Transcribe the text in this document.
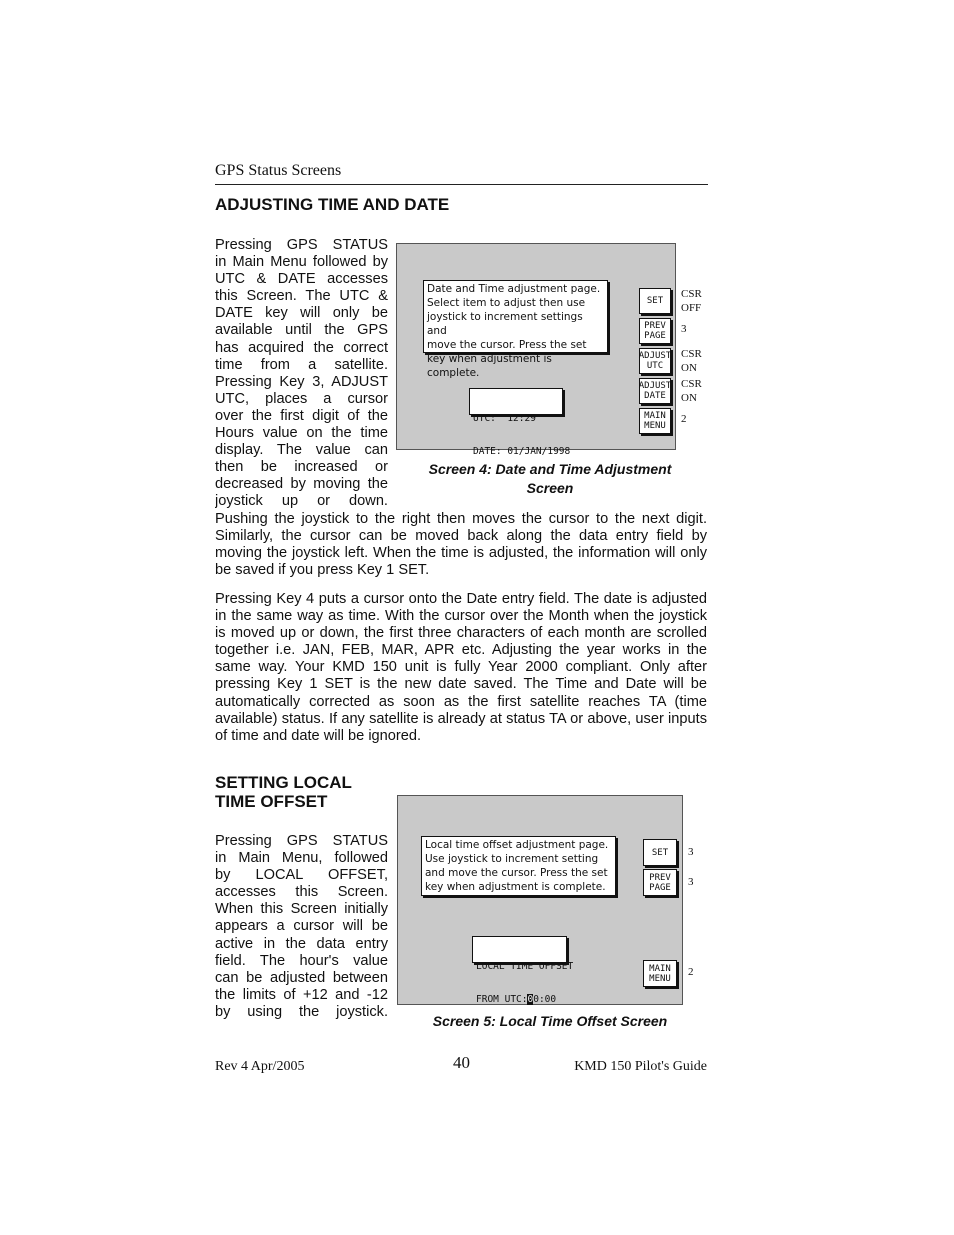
GPS Status Screens
ADJUSTING TIME AND DATE
Pressing GPS STATUS
in Main Menu followed by
UTC & DATE accesses
this Screen. The UTC &
DATE key will only be
available until the GPS
has acquired the correct
time from a satellite.
Pressing Key 3, ADJUST
UTC, places a cursor
over the first digit of the
Hours value on the time
display. The value can
then be increased or
decreased by moving the
joystick up or down.
Date and Time adjustment page.
Select item to adjust then use
joystick to increment settings and
move the cursor. Press the set
key when adjustment is complete.

UTC:  12:29

DATE: 01/JAN/1998

SET
PREV
PAGE
ADJUST
UTC
ADJUST
DATE
MAIN
MENU
CSR
OFF
3
CSR
ON
CSR
ON
2
Screen 4: Date and Time Adjustment
Screen
Pushing the joystick to the right then moves the cursor to the next digit. Similarly, the cursor can be moved back along the data entry field by moving the joystick left. When the time is adjusted, the information will only be saved if you press Key 1 SET.
Pressing Key 4 puts a cursor onto the Date entry field. The date is adjusted in the same way as time. With the cursor over the Month when the joystick is moved up or down, the first three characters of each month are scrolled together i.e. JAN, FEB, MAR, APR etc. Adjusting the year works in the same way. Your KMD 150 unit is fully Year 2000 compliant. Only after pressing Key 1 SET is the new date saved. The Time and Date will be automatically corrected as soon as the first satellite reaches TA (time available) status. If any satellite is already at status TA or above, user inputs of time and date will be ignored.
SETTING LOCAL
TIME OFFSET
Pressing GPS STATUS
in Main Menu, followed
by LOCAL OFFSET,
accesses this Screen.
When this Screen initially
appears a cursor will be
active in the data entry
field. The hour's value
can be adjusted between
the limits of +12 and -12
by using the joystick.
Local time offset adjustment page.
Use joystick to increment setting
and move the cursor. Press the set
key when adjustment is complete.

LOCAL TIME OFFSET

FROM UTC:00:00

SET
PREV
PAGE
MAIN
MENU
3
3
2
Screen 5: Local Time Offset Screen
Rev 4 Apr/2005	40	KMD 150 Pilot's Guide
